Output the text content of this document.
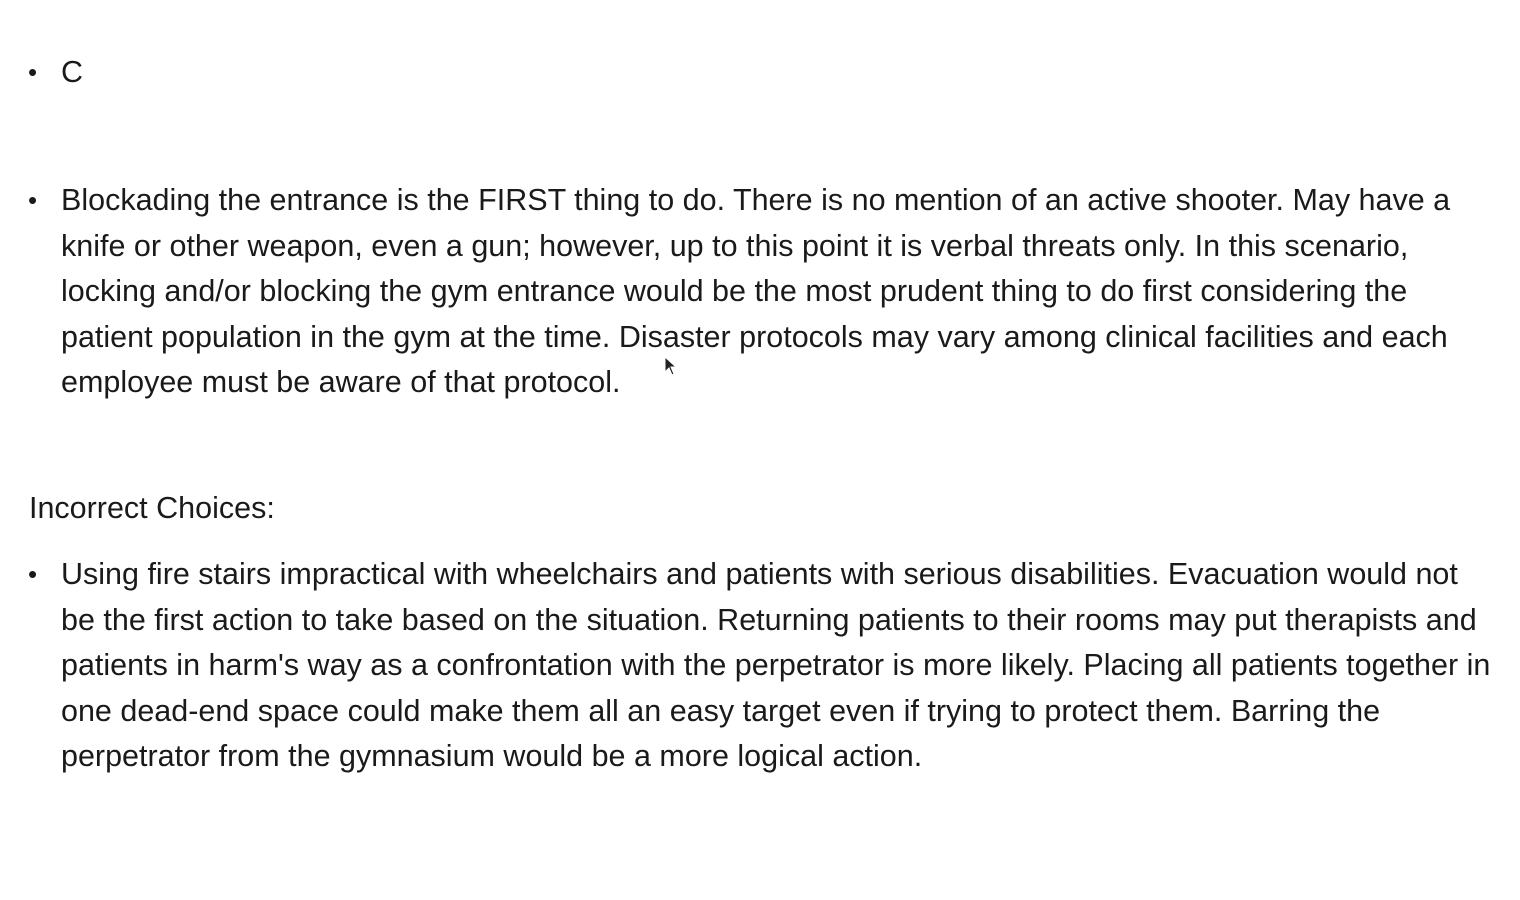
• C
• Blockading the entrance is the FIRST thing to do. There is no mention of an active shooter. May have a knife or other weapon, even a gun; however, up to this point it is verbal threats only. In this scenario, locking and/or blocking the gym entrance would be the most prudent thing to do first considering the patient population in the gym at the time. Disaster protocols may vary among clinical facilities and each employee must be aware of that protocol.
Incorrect Choices:
• Using fire stairs impractical with wheelchairs and patients with serious disabilities. Evacuation would not be the first action to take based on the situation. Returning patients to their rooms may put therapists and patients in harm's way as a confrontation with the perpetrator is more likely. Placing all patients together in one dead-end space could make them all an easy target even if trying to protect them. Barring the perpetrator from the gymnasium would be a more logical action.
